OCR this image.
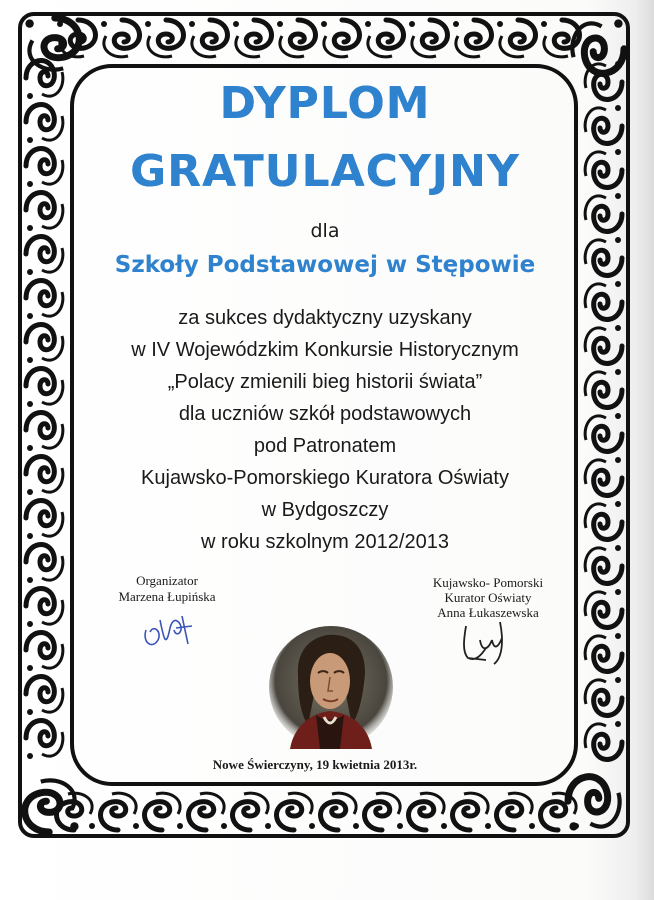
DYPLOM
GRATULACYJNY
dla
Szkoły Podstawowej w Stępowie
za sukces dydaktyczny uzyskany
w IV Wojewódzkim Konkursie Historycznym
„Polacy zmienili bieg historii świata”
dla uczniów szkół podstawowych
pod Patronatem
Kujawsko-Pomorskiego Kuratora Oświaty
w Bydgoszczy
w roku szkolnym 2012/2013
Organizator
Marzena Łupińska
Kujawsko- Pomorski
Kurator Oświaty
Anna Łukaszewska
Nowe Świerczyny, 19 kwietnia 2013r.
